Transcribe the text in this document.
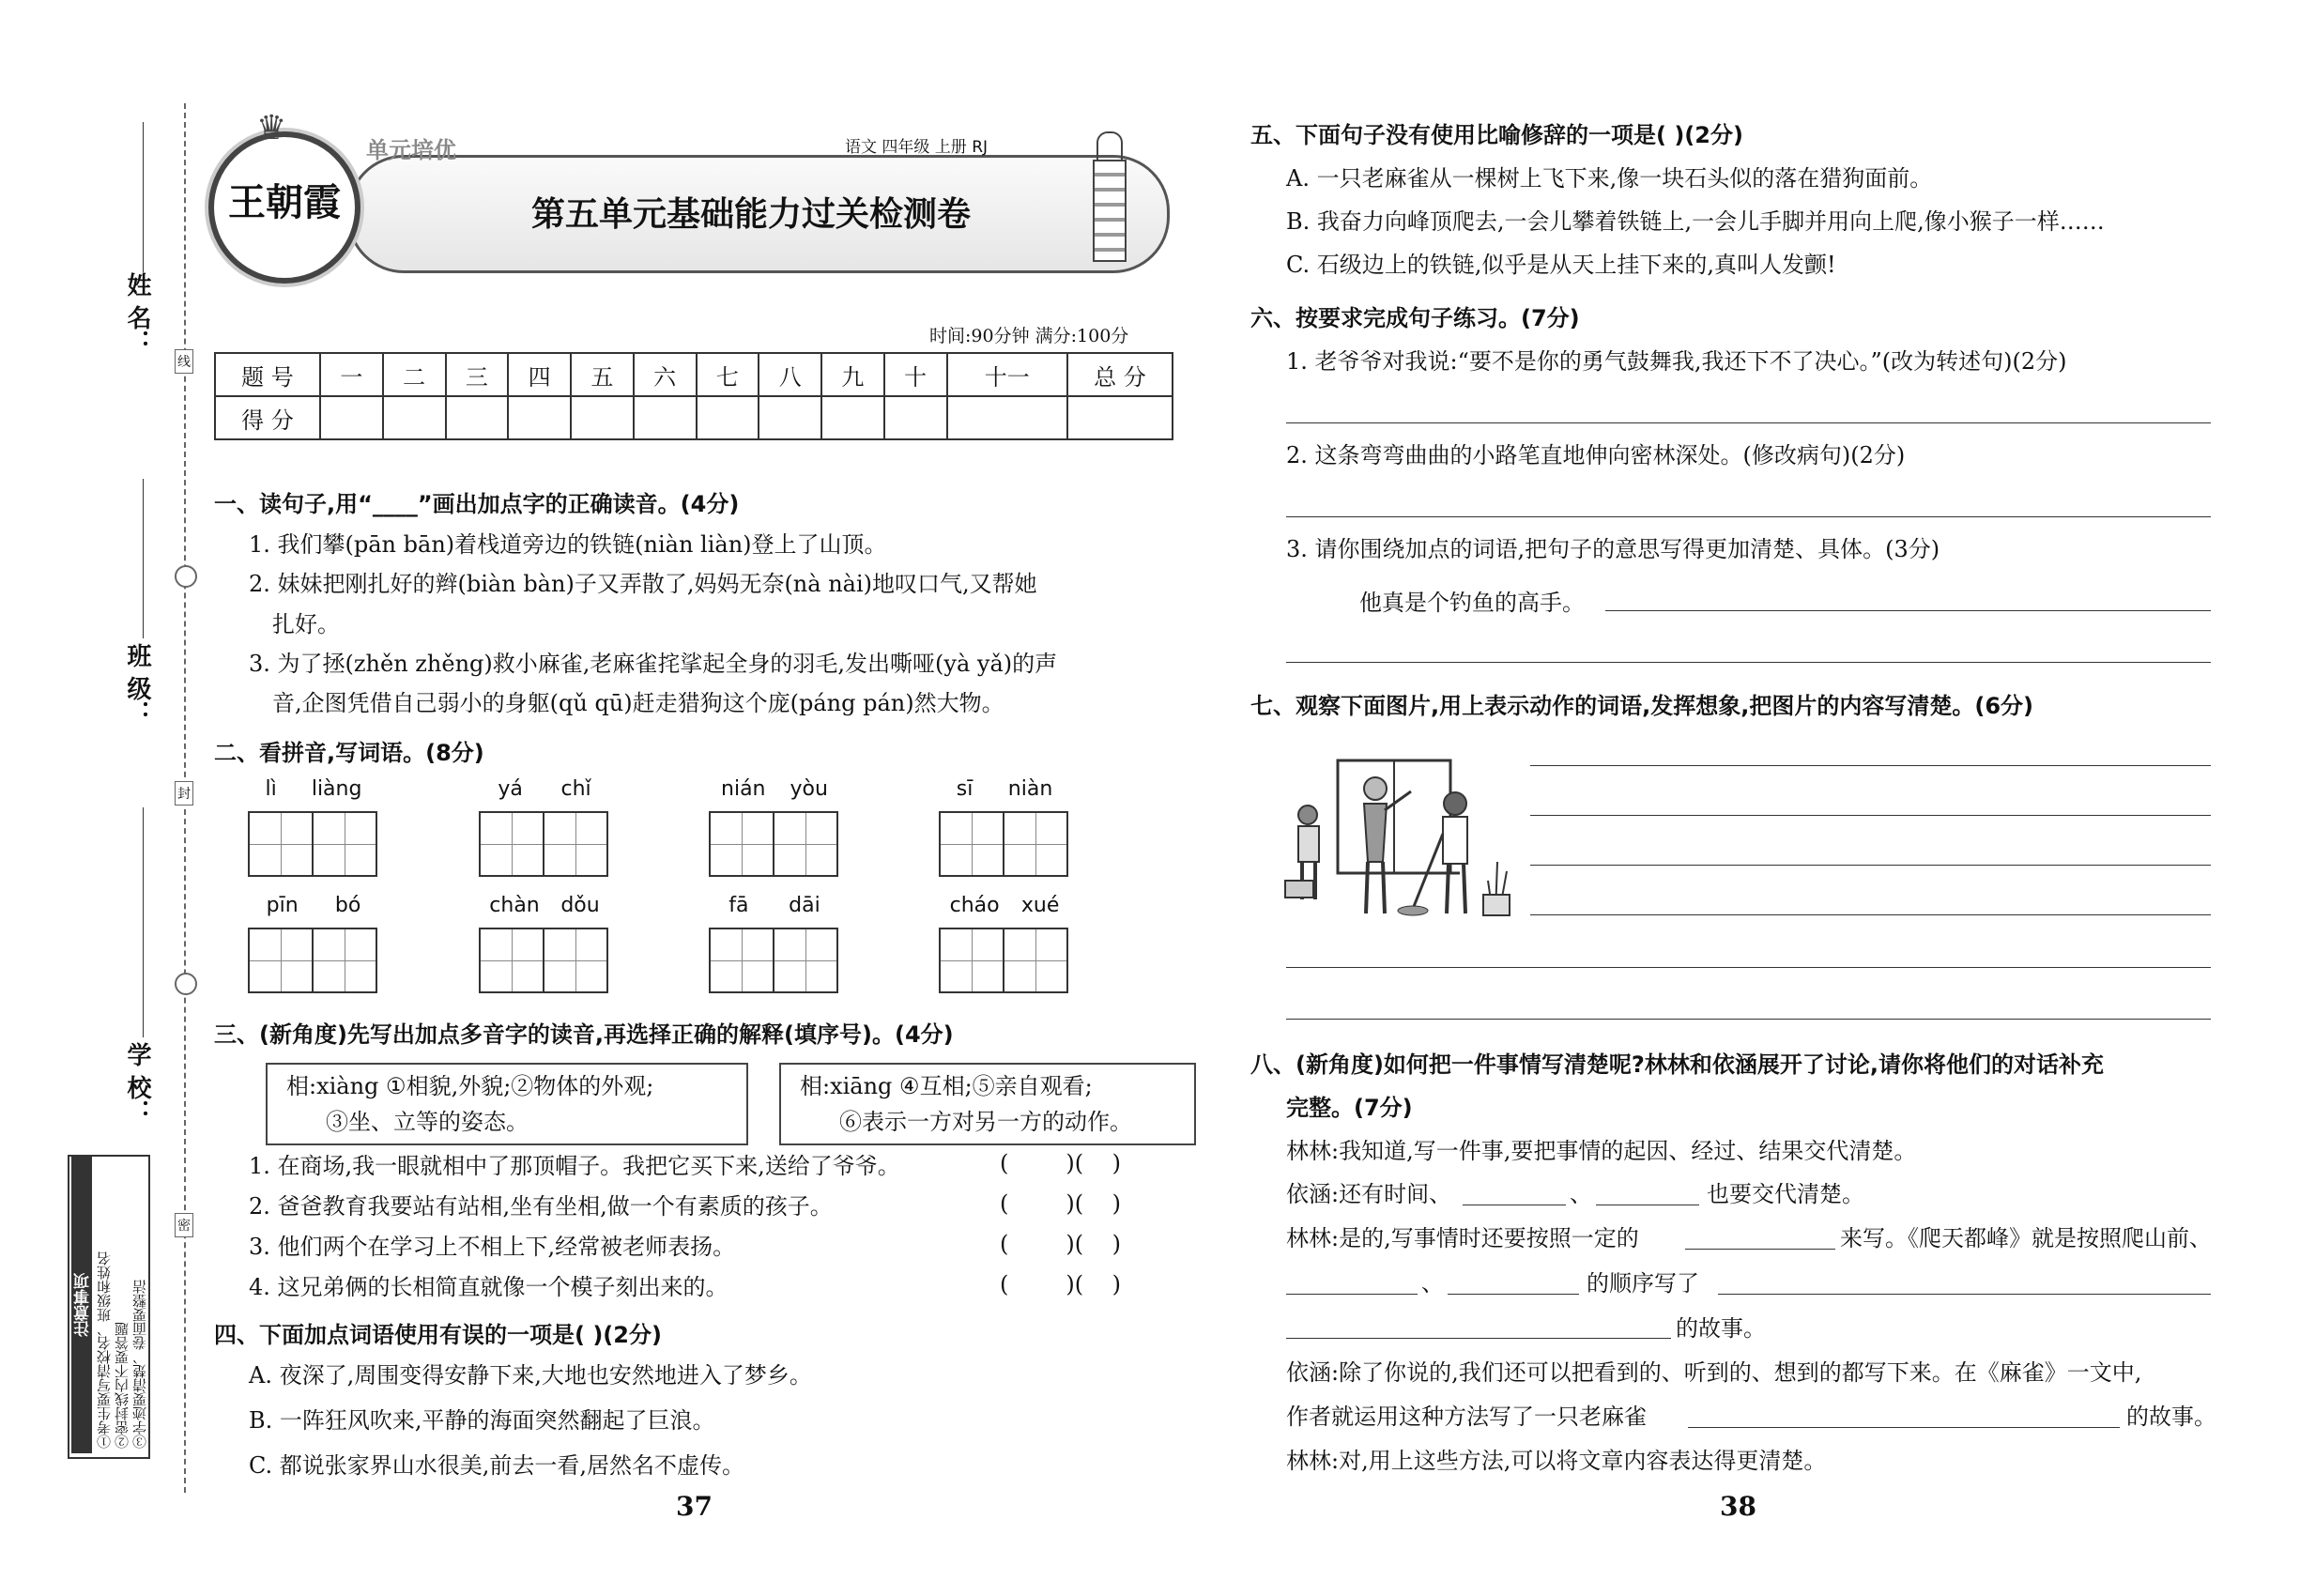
姓 名：
班 级：
学 校：
线
封
密
注意事项 ①考生要写清校名、班级和姓名 ②密封线内不要答题 ③字迹要清楚、卷面要整洁
♛
王朝霞
单元培优	语文 四年级 上册 RJ
第五单元基础能力过关检测卷
时间:90分钟 满分:100分
题 号	一	二	三	四	五	六	七	八	九	十	十一	总 分
得 分												
一、读句子,用“____”画出加点字的正确读音。(4分)
1. 我们攀(pān bān)着栈道旁边的铁链(niàn liàn)登上了山顶。
2. 妹妹把刚扎好的辫(biàn bàn)子又弄散了,妈妈无奈(nà nài)地叹口气,又帮她
扎好。
3. 为了拯(zhěn zhěng)救小麻雀,老麻雀挓挲起全身的羽毛,发出嘶哑(yà yǎ)的声
音,企图凭借自己弱小的身躯(qǔ qū)赶走猎狗这个庞(páng pán)然大物。
二、看拼音,写词语。(8分)
lì liàng	yá chǐ	nián yòu	sī niàn
pīn bó	chàn dǒu	fā dāi	cháo xué
三、(新角度)先写出加点多音字的读音,再选择正确的解释(填序号)。(4分)
相:xiàng ①相貌,外貌;②物体的外观;
③坐、立等的姿态。
相:xiāng ④互相;⑤亲自观看;
⑥表示一方对另一方的动作。
1. 在商场,我一眼就相中了那顶帽子。我把它买下来,送给了爷爷。
2. 爸爸教育我要站有站相,坐有坐相,做一个有素质的孩子。
3. 他们两个在学习上不相上下,经常被老师表扬。
4. 这兄弟俩的长相简直就像一个模子刻出来的。
(        )(    )
(        )(    )
(        )(    )
(        )(    )
四、下面加点词语使用有误的一项是( )(2分)
A. 夜深了,周围变得安静下来,大地也安然地进入了梦乡。
B. 一阵狂风吹来,平静的海面突然翻起了巨浪。
C. 都说张家界山水很美,前去一看,居然名不虚传。
37
五、下面句子没有使用比喻修辞的一项是( )(2分)
A. 一只老麻雀从一棵树上飞下来,像一块石头似的落在猎狗面前。
B. 我奋力向峰顶爬去,一会儿攀着铁链上,一会儿手脚并用向上爬,像小猴子一样……
C. 石级边上的铁链,似乎是从天上挂下来的,真叫人发颤!
六、按要求完成句子练习。(7分)
1. 老爷爷对我说:“要不是你的勇气鼓舞我,我还下不了决心。”(改为转述句)(2分)
2. 这条弯弯曲曲的小路笔直地伸向密林深处。(修改病句)(2分)
3. 请你围绕加点的词语,把句子的意思写得更加清楚、具体。(3分)
他真是个钓鱼的高手。
七、观察下面图片,用上表示动作的词语,发挥想象,把图片的内容写清楚。(6分)
八、(新角度)如何把一件事情写清楚呢?林林和依涵展开了讨论,请你将他们的对话补充
完整。(7分)
林林:我知道,写一件事,要把事情的起因、经过、结果交代清楚。
依涵:还有时间、	、	也要交代清楚。
林林:是的,写事情时还要按照一定的	来写。《爬天都峰》就是按照爬山前、
、	的顺序写了
的故事。
依涵:除了你说的,我们还可以把看到的、听到的、想到的都写下来。在《麻雀》一文中,
作者就运用这种方法写了一只老麻雀	的故事。
林林:对,用上这些方法,可以将文章内容表达得更清楚。
38
